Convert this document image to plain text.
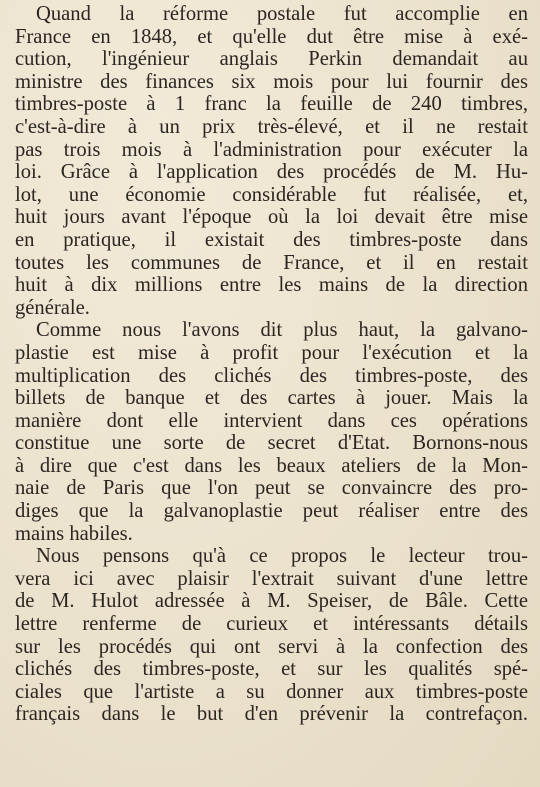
Quand la réforme postale fut accomplie en
France en 1848, et qu'elle dut être mise à exé-
cution, l'ingénieur anglais Perkin demandait au
ministre des finances six mois pour lui fournir des
timbres-poste à 1 franc la feuille de 240 timbres,
c'est-à-dire à un prix très-élevé, et il ne restait
pas trois mois à l'administration pour exécuter la
loi. Grâce à l'application des procédés de M. Hu-
lot, une économie considérable fut réalisée, et,
huit jours avant l'époque où la loi devait être mise
en pratique, il existait des timbres-poste dans
toutes les communes de France, et il en restait
huit à dix millions entre les mains de la direction
générale.
Comme nous l'avons dit plus haut, la galvano-
plastie est mise à profit pour l'exécution et la
multiplication des clichés des timbres-poste, des
billets de banque et des cartes à jouer. Mais la
manière dont elle intervient dans ces opérations
constitue une sorte de secret d'Etat. Bornons-nous
à dire que c'est dans les beaux ateliers de la Mon-
naie de Paris que l'on peut se convaincre des pro-
diges que la galvanoplastie peut réaliser entre des
mains habiles.
Nous pensons qu'à ce propos le lecteur trou-
vera ici avec plaisir l'extrait suivant d'une lettre
de M. Hulot adressée à M. Speiser, de Bâle. Cette
lettre renferme de curieux et intéressants détails
sur les procédés qui ont servi à la confection des
clichés des timbres-poste, et sur les qualités spé-
ciales que l'artiste a su donner aux timbres-poste
français dans le but d'en prévenir la contrefaçon.
